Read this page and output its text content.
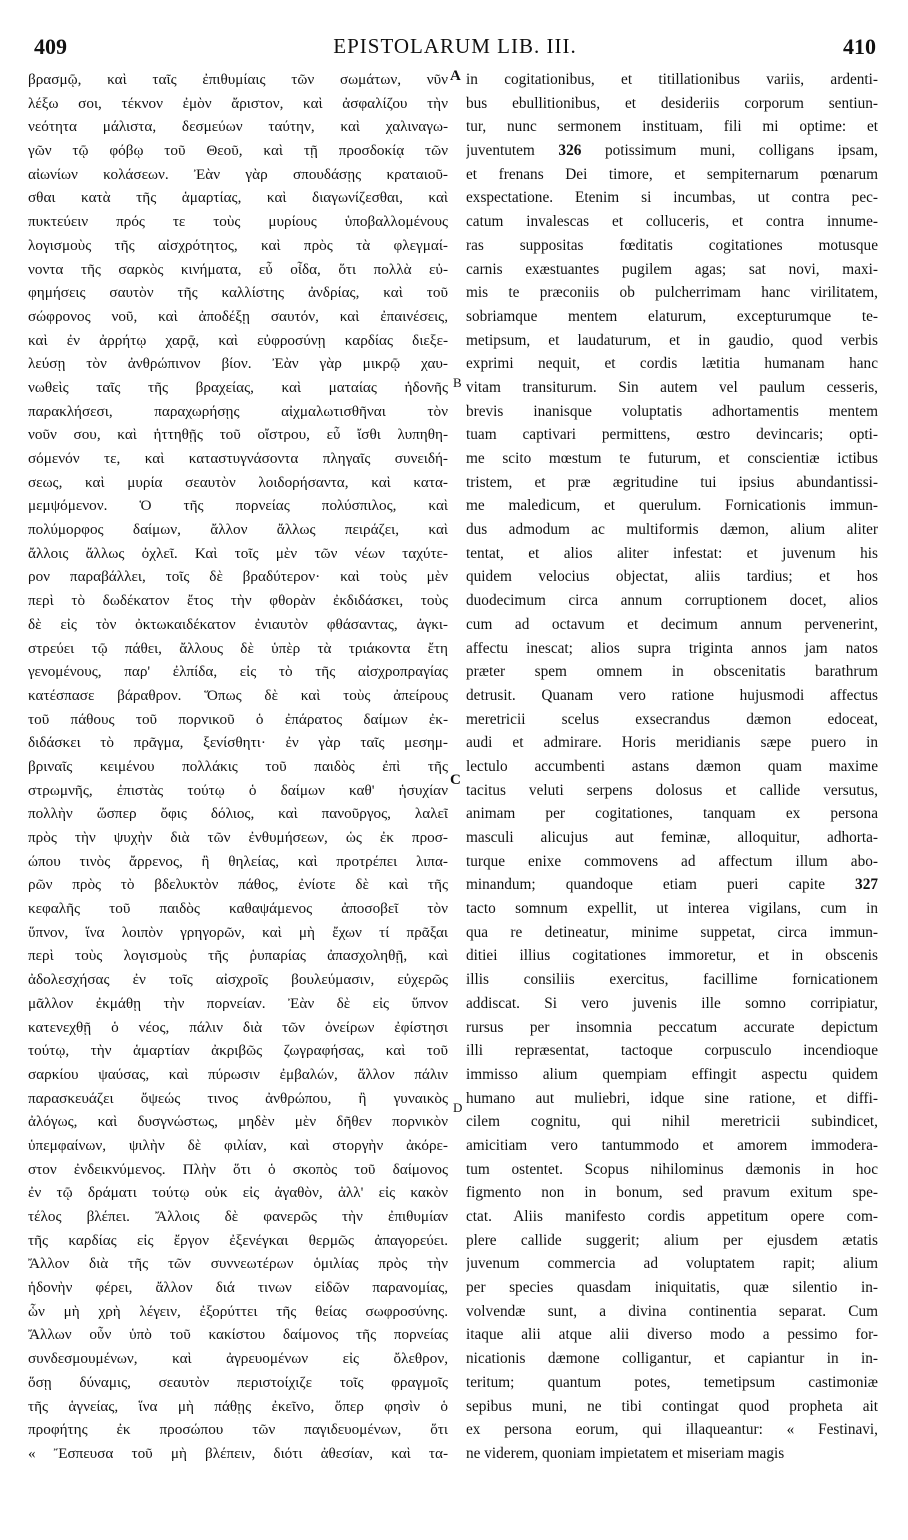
409	EPISTOLARUM LIB. III.	410
βρασμῷ, καὶ ταῖς ἐπιθυμίαις τῶν σωμάτων, νῦν
λέξω σοι, τέκνον ἐμὸν ἄριστον, καὶ ἀσφαλίζου τὴν
νεότητα μάλιστα, δεσμεύων ταύτην, καὶ χαλιναγω-
γῶν τῷ φόβῳ τοῦ Θεοῦ, καὶ τῇ προσδοκίᾳ τῶν
αἰωνίων κολάσεων. Ἐὰν γὰρ σπουδάσῃς κραταιοῦ-
σθαι κατὰ τῆς ἁμαρτίας, καὶ διαγωνίζεσθαι, καὶ
πυκτεύειν πρός τε τοὺς μυρίους ὑποβαλλομένους
λογισμοὺς τῆς αἰσχρότητος, καὶ πρὸς τὰ φλεγμαί-
νοντα τῆς σαρκὸς κινήματα, εὖ οἶδα, ὅτι πολλὰ εὐ-
φημήσεις σαυτὸν τῆς καλλίστης ἀνδρίας, καὶ τοῦ
σώφρονος νοῦ, καὶ ἀποδέξῃ σαυτόν, καὶ ἐπαινέσεις,
καὶ ἐν ἀρρήτῳ χαρᾷ, καὶ εὐφροσύνῃ καρδίας διεξε-
λεύσῃ τὸν ἀνθρώπινον βίον. Ἐὰν γὰρ μικρῷ χαυ-
νωθεὶς ταῖς τῆς βραχείας, καὶ ματαίας ἡδονῆς
παρακλήσεσι, παραχωρήσῃς αἰχμαλωτισθῆναι τὸν
νοῦν σου, καὶ ἡττηθῇς τοῦ οἴστρου, εὖ ἴσθι λυπηθη-
σόμενόν τε, καὶ καταστυγνάσοντα πληγαῖς συνειδή-
σεως, καὶ μυρία σεαυτὸν λοιδορήσαντα, καὶ κατα-
μεμψόμενον. Ὁ τῆς πορνείας πολύσπιλος, καὶ
πολύμορφος δαίμων, ἄλλον ἄλλως πειράζει, καὶ
ἄλλοις ἄλλως ὀχλεῖ. Καὶ τοῖς μὲν τῶν νέων ταχύτε-
ρον παραβάλλει, τοῖς δὲ βραδύτερον· καὶ τοὺς μὲν
περὶ τὸ δωδέκατον ἔτος τὴν φθορὰν ἐκδιδάσκει, τοὺς
δὲ εἰς τὸν ὀκτωκαιδέκατον ἐνιαυτὸν φθάσαντας, ἀγκι-
στρεύει τῷ πάθει, ἄλλους δὲ ὑπὲρ τὰ τριάκοντα ἔτη
γενομένους, παρ' ἐλπίδα, εἰς τὸ τῆς αἰσχροπραγίας
κατέσπασε βάραθρον. Ὅπως δὲ καὶ τοὺς ἀπείρους
τοῦ πάθους τοῦ πορνικοῦ ὁ ἐπάρατος δαίμων ἐκ-
διδάσκει τὸ πρᾶγμα, ξενίσθητι· ἐν γὰρ ταῖς μεσημ-
βριναῖς κειμένου πολλάκις τοῦ παιδὸς ἐπὶ τῆς
στρωμνῆς, ἐπιστὰς τούτῳ ὁ δαίμων καθ' ἡσυχίαν
πολλὴν ὥσπερ ὄφις δόλιος, καὶ πανοῦργος, λαλεῖ
πρὸς τὴν ψυχὴν διὰ τῶν ἐνθυμήσεων, ὡς ἐκ προσ-
ώπου τινὸς ἄρρενος, ἢ θηλείας, καὶ προτρέπει λιπα-
ρῶν πρὸς τὸ βδελυκτὸν πάθος, ἐνίοτε δὲ καὶ τῆς
κεφαλῆς τοῦ παιδὸς καθαψάμενος ἀποσοβεῖ τὸν
ὕπνον, ἵνα λοιπὸν γρηγορῶν, καὶ μὴ ἔχων τί πρᾶξαι
περὶ τοὺς λογισμοὺς τῆς ῥυπαρίας ἀπασχοληθῇ, καὶ
ἀδολεσχήσας ἐν τοῖς αἰσχροῖς βουλεύμασιν, εὐχερῶς
μᾶλλον ἐκμάθῃ τὴν πορνείαν. Ἐὰν δὲ εἰς ὕπνον
κατενεχθῇ ὁ νέος, πάλιν διὰ τῶν ὀνείρων ἐφίστησι
τούτῳ, τὴν ἁμαρτίαν ἀκριβῶς ζωγραφήσας, καὶ τοῦ
σαρκίου ψαύσας, καὶ πύρωσιν ἐμβαλών, ἄλλον πάλιν
παρασκευάζει ὄψεώς τινος ἀνθρώπου, ἢ γυναικὸς
ἀλόγως, καὶ δυσγνώστως, μηδὲν μὲν δῆθεν πορνικὸν
ὑπεμφαίνων, ψιλὴν δὲ φιλίαν, καὶ στοργὴν ἀκόρε-
στον ἐνδεικνύμενος. Πλὴν ὅτι ὁ σκοπὸς τοῦ δαίμονος
ἐν τῷ δράματι τούτῳ οὐκ εἰς ἀγαθὸν, ἀλλ' εἰς κακὸν
τέλος βλέπει. Ἄλλοις δὲ φανερῶς τὴν ἐπιθυμίαν
τῆς καρδίας εἰς ἔργον ἐξενέγκαι θερμῶς ἀπαγορεύει.
Ἄλλον διὰ τῆς τῶν συννεωτέρων ὁμιλίας πρὸς τὴν
ἡδονὴν φέρει, ἄλλον διά τινων εἰδῶν παρανομίας,
ὧν μὴ χρὴ λέγειν, ἐξορύττει τῆς θείας σωφροσύνης.
Ἄλλων οὖν ὑπὸ τοῦ κακίστου δαίμονος τῆς πορνείας
συνδεσμουμένων, καὶ ἀγρευομένων εἰς ὄλεθρον,
ὅσῃ δύναμις, σεαυτὸν περιστοίχιζε τοῖς φραγμοῖς
τῆς ἁγνείας, ἵνα μὴ πάθῃς ἐκεῖνο, ὅπερ φησὶν ὁ
προφήτης ἐκ προσώπου τῶν παγιδευομένων, ὅτι
« Ἔσπευσα τοῦ μὴ βλέπειν, διότι ἀθεσίαν, καὶ τα-
in cogitationibus, et titillationibus variis, ardenti-
bus ebullitionibus, et desideriis corporum sentiun-
tur, nunc sermonem instituam, fili mi optime: et
juventutem 326 potissimum muni, colligans ipsam,
et frenans Dei timore, et sempiternarum pœnarum
exspectatione. Etenim si incumbas, ut contra pec-
catum invalescas et colluceris, et contra innume-
ras suppositas fœditatis cogitationes motusque
carnis exæstuantes pugilem agas; sat novi, maxi-
mis te præconiis ob pulcherrimam hanc virilitatem,
sobriamque mentem elaturum, excepturumque te-
metipsum, et laudaturum, et in gaudio, quod verbis
exprimi nequit, et cordis lætitia humanam hanc
vitam transiturum. Sin autem vel paulum cesseris,
brevis inanisque voluptatis adhortamentis mentem
tuam captivari permittens, œstro devincaris; opti-
me scito mœstum te futurum, et conscientiæ ictibus
tristem, et præ ægritudine tui ipsius abundantissi-
me maledicum, et querulum. Fornicationis immun-
dus admodum ac multiformis dæmon, alium aliter
tentat, et alios aliter infestat: et juvenum his
quidem velocius objectat, aliis tardius; et hos
duodecimum circa annum corruptionem docet, alios
cum ad octavum et decimum annum pervenerint,
affectu inescat; alios supra triginta annos jam natos
præter spem omnem in obscenitatis barathrum
detrusit. Quanam vero ratione hujusmodi affectus
meretricii scelus exsecrandus dæmon edoceat,
audi et admirare. Horis meridianis sæpe puero in
lectulo accumbenti astans dæmon quam maxime
tacitus veluti serpens dolosus et callide versutus,
animam per cogitationes, tanquam ex persona
masculi alicujus aut feminæ, alloquitur, adhorta-
turque enixe commovens ad affectum illum abo-
minandum; quandoque etiam pueri capite 327
tacto somnum expellit, ut interea vigilans, cum in
qua re detineatur, minime suppetat, circa immun-
ditiei illius cogitationes immoretur, et in obscenis
illis consiliis exercitus, facillime fornicationem
addiscat. Si vero juvenis ille somno corripiatur,
rursus per insomnia peccatum accurate depictum
illi repræsentat, tactoque corpusculo incendioque
immisso alium quempiam effingit aspectu quidem
humano aut muliebri, idque sine ratione, et diffi-
cilem cognitu, qui nihil meretricii subindicet,
amicitiam vero tantummodo et amorem immodera-
tum ostentet. Scopus nihilominus dæmonis in hoc
figmento non in bonum, sed pravum exitum spe-
ctat. Aliis manifesto cordis appetitum opere com-
plere callide suggerit; alium per ejusdem ætatis
juvenum commercia ad voluptatem rapit; alium
per species quasdam iniquitatis, quæ silentio in-
volvendæ sunt, a divina continentia separat. Cum
itaque alii atque alii diverso modo a pessimo for-
nicationis dæmone colligantur, et capiantur in in-
teritum; quantum potes, temetipsum castimoniæ
sepibus muni, ne tibi contingat quod propheta ait
ex persona eorum, qui illaqueantur: « Festinavi,
ne viderem, quoniam impietatem et miseriam magis
A
B
C
D
